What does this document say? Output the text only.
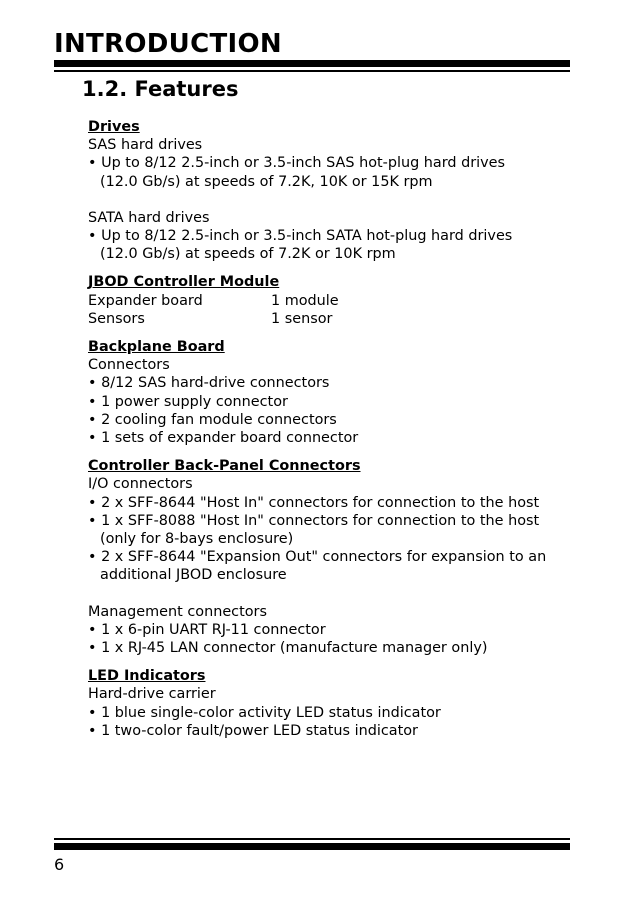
INTRODUCTION
1.2. Features
Drives
SAS hard drives
• Up to 8/12 2.5-inch or 3.5-inch SAS hot-plug hard drives
(12.0 Gb/s) at speeds of 7.2K, 10K or 15K rpm
SATA hard drives
• Up to 8/12 2.5-inch or 3.5-inch SATA hot-plug hard drives
(12.0 Gb/s) at speeds of 7.2K or 10K rpm
JBOD Controller Module
Expander board	1 module
Sensors	1 sensor
Backplane Board
Connectors
• 8/12 SAS hard-drive connectors
• 1 power supply connector
• 2 cooling fan module connectors
• 1 sets of expander board connector
Controller Back-Panel Connectors
I/O connectors
• 2 x SFF-8644 "Host In" connectors for connection to the host
• 1 x SFF-8088 "Host In" connectors for connection to the host
(only for 8-bays enclosure)
• 2 x SFF-8644 "Expansion Out" connectors for expansion to an
additional JBOD enclosure
Management connectors
• 1 x 6-pin UART RJ-11 connector
• 1 x RJ-45 LAN connector (manufacture manager only)
LED Indicators
Hard-drive carrier
• 1 blue single-color activity LED status indicator
• 1 two-color fault/power LED status indicator
6
